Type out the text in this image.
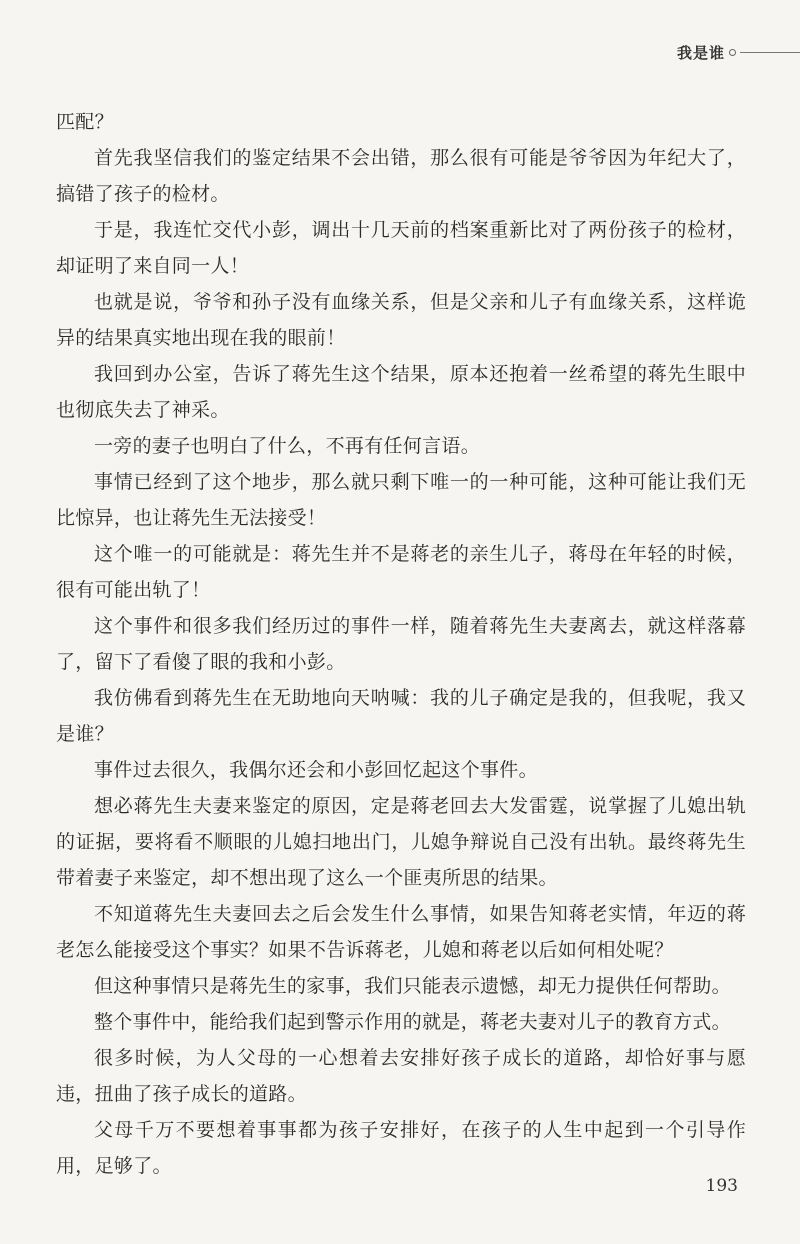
我是谁

匹配？

首先我坚信我们的鉴定结果不会出错，那么很有可能是爷爷因为年纪大了，搞错了孩子的检材。

于是，我连忙交代小彭，调出十几天前的档案重新比对了两份孩子的检材，却证明了来自同一人！

也就是说，爷爷和孙子没有血缘关系，但是父亲和儿子有血缘关系，这样诡异的结果真实地出现在我的眼前！

我回到办公室，告诉了蒋先生这个结果，原本还抱着一丝希望的蒋先生眼中也彻底失去了神采。

一旁的妻子也明白了什么，不再有任何言语。

事情已经到了这个地步，那么就只剩下唯一的一种可能，这种可能让我们无比惊异，也让蒋先生无法接受！

这个唯一的可能就是：蒋先生并不是蒋老的亲生儿子，蒋母在年轻的时候，很有可能出轨了！

这个事件和很多我们经历过的事件一样，随着蒋先生夫妻离去，就这样落幕了，留下了看傻了眼的我和小彭。

我仿佛看到蒋先生在无助地向天呐喊：我的儿子确定是我的，但我呢，我又是谁？

事件过去很久，我偶尔还会和小彭回忆起这个事件。

想必蒋先生夫妻来鉴定的原因，定是蒋老回去大发雷霆，说掌握了儿媳出轨的证据，要将看不顺眼的儿媳扫地出门，儿媳争辩说自己没有出轨。最终蒋先生带着妻子来鉴定，却不想出现了这么一个匪夷所思的结果。

不知道蒋先生夫妻回去之后会发生什么事情，如果告知蒋老实情，年迈的蒋老怎么能接受这个事实？如果不告诉蒋老，儿媳和蒋老以后如何相处呢？

但这种事情只是蒋先生的家事，我们只能表示遗憾，却无力提供任何帮助。

整个事件中，能给我们起到警示作用的就是，蒋老夫妻对儿子的教育方式。

很多时候，为人父母的一心想着去安排好孩子成长的道路，却恰好事与愿违，扭曲了孩子成长的道路。

父母千万不要想着事事都为孩子安排好，在孩子的人生中起到一个引导作用，足够了。

193
